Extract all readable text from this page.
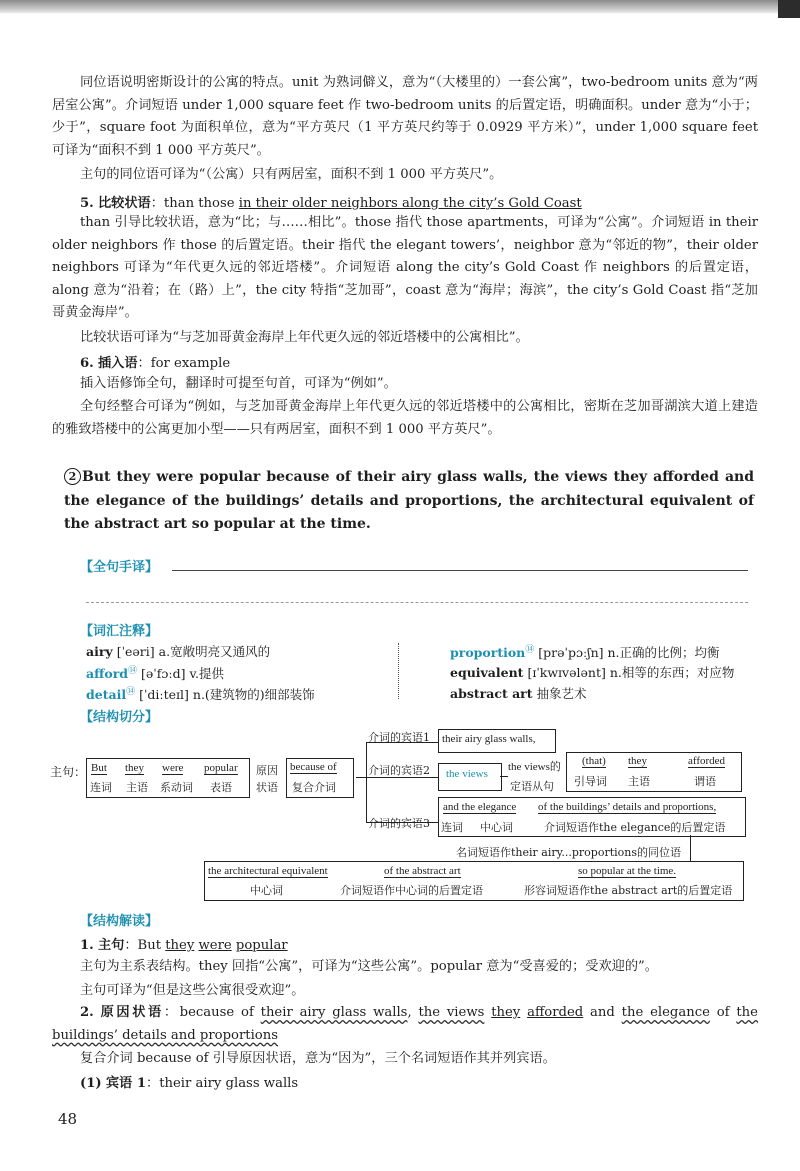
同位语说明密斯设计的公寓的特点。unit 为熟词僻义，意为“（大楼里的）一套公寓”，two-bedroom units 意为“两居室公寓”。介词短语 under 1,000 square feet 作 two-bedroom units 的后置定语，明确面积。under 意为“小于；少于”，square foot 为面积单位，意为“平方英尺（1 平方英尺约等于 0.0929 平方米）”，under 1,000 square feet 可译为“面积不到 1 000 平方英尺”。

主句的同位语可译为“（公寓）只有两居室，面积不到 1 000 平方英尺”。

5. 比较状语：than those in their older neighbors along the city’s Gold Coast

than 引导比较状语，意为“比；与……相比”。those 指代 those apartments，可译为“公寓”。介词短语 in their older neighbors 作 those 的后置定语。their 指代 the elegant towers’，neighbor 意为“邻近的物”，their older neighbors 可译为“年代更久远的邻近塔楼”。介词短语 along the city’s Gold Coast 作 neighbors 的后置定语，along 意为“沿着；在（路）上”，the city 特指“芝加哥”，coast 意为“海岸；海滨”，the city’s Gold Coast 指“芝加哥黄金海岸”。

比较状语可译为“与芝加哥黄金海岸上年代更久远的邻近塔楼中的公寓相比”。

6. 插入语：for example

插入语修饰全句，翻译时可提至句首，可译为“例如”。

全句经整合可译为“例如，与芝加哥黄金海岸上年代更久远的邻近塔楼中的公寓相比，密斯在芝加哥湖滨大道上建造的雅致塔楼中的公寓更加小型——只有两居室，面积不到 1 000 平方英尺”。

2 But they were popular because of their airy glass walls, the views they afforded and the elegance of the buildings’ details and proportions, the architectural equivalent of the abstract art so popular at the time.

【全句手译】
【词汇注释】
airy [ˈeəri] a.宽敞明亮又通风的
afford⑭ [əˈfɔːd] v.提供
detail⑭ [ˈdiːteɪl] n.(建筑物的)细部装饰
proportion⑭ [prəˈpɔːʃn] n.正确的比例；均衡
equivalent [ɪˈkwɪvələnt] n.相等的东西；对应物
abstract art 抽象艺术
【结构切分】
主句： But
连词
they
主语
were
系动词
popular
表语
原因状语
because of
复合介词
介词的宾语1 their airy glass walls,
介词的宾语2 the views
the views的
定语从句
(that)
引导词
they
主语
afforded
谓语
介词的宾语3
and the elegance of the buildings’ details and proportions,
连词 中心词	介词短语作the elegance的后置定语
名词短语作their airy...proportions的同位语
the architectural equivalent
中心词
of the abstract art
介词短语作中心词的后置定语
so popular at the time.
形容词短语作the abstract art的后置定语
【结构解读】

1. 主句：But they were popular

主句为主系表结构。they 回指“公寓”，可译为“这些公寓”。popular 意为“受喜爱的；受欢迎的”。

主句可译为“但是这些公寓很受欢迎”。

2. 原因状语：because of their airy glass walls, the views they afforded and the elegance of the buildings’ details and proportions

复合介词 because of 引导原因状语，意为“因为”，三个名词短语作其并列宾语。

(1) 宾语 1：their airy glass walls

48
